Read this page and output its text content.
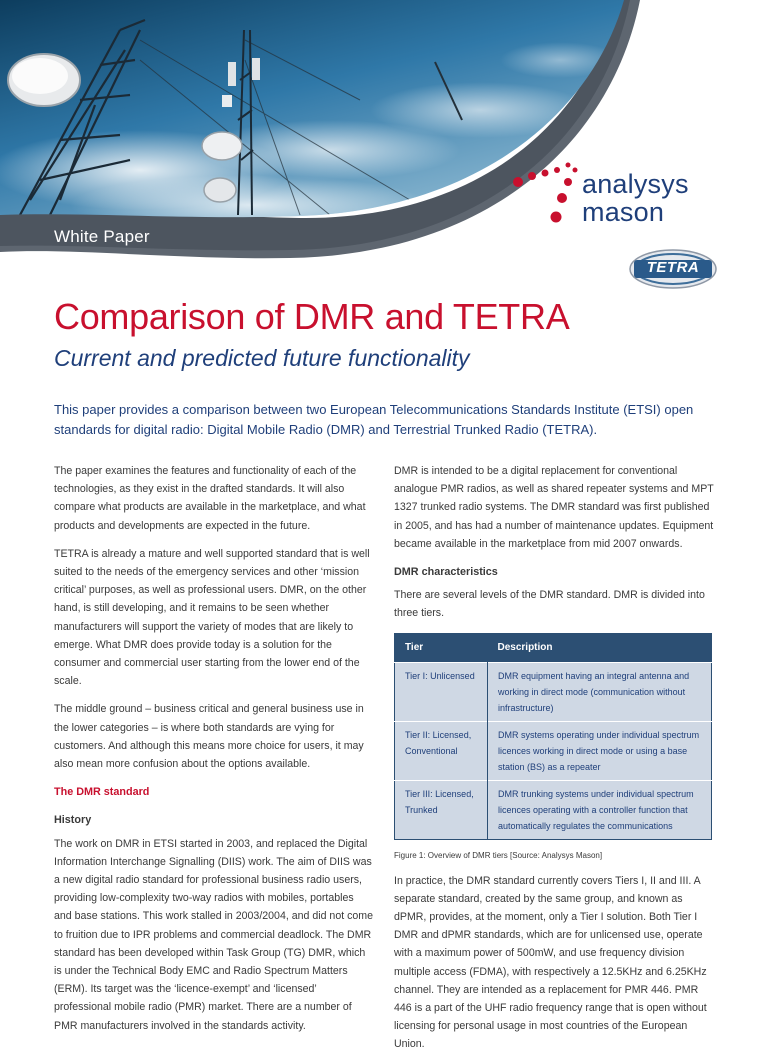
White Paper
analysys
mason
TETRA
Comparison of DMR and TETRA
Current and predicted future functionality

This paper provides a comparison between two European Telecommunications Standards Institute (ETSI) open standards for digital radio: Digital Mobile Radio (DMR) and Terrestrial Trunked Radio (TETRA).

The paper examines the features and functionality of each of the technologies, as they exist in the drafted standards. It will also compare what products are available in the marketplace, and what products and developments are expected in the future.

TETRA is already a mature and well supported standard that is well suited to the needs of the emergency services and other ‘mission critical’ purposes, as well as professional users. DMR, on the other hand, is still developing, and it remains to be seen whether manufacturers will support the variety of modes that are likely to emerge. What DMR does provide today is a solution for the consumer and commercial user starting from the lower end of the scale.

The middle ground – business critical and general business use in the lower categories – is where both standards are vying for customers. And although this means more choice for users, it may also mean more confusion about the options available.

The DMR standard
History

The work on DMR in ETSI started in 2003, and replaced the Digital Information Interchange Signalling (DIIS) work. The aim of DIIS was a new digital radio standard for professional business radio users, providing low-complexity two-way radios with mobiles, portables and base stations. This work stalled in 2003/2004, and did not come to fruition due to IPR problems and commercial deadlock. The DMR standard has been developed within Task Group (TG) DMR, which is under the Technical Body EMC and Radio Spectrum Matters (ERM). Its target was the ‘licence-exempt’ and ‘licensed’ professional mobile radio (PMR) market. There are a number of PMR manufacturers involved in the standards activity.

DMR is intended to be a digital replacement for conventional analogue PMR radios, as well as shared repeater systems and MPT 1327 trunked radio systems. The DMR standard was first published in 2005, and has had a number of maintenance updates. Equipment became available in the marketplace from mid 2007 onwards.

DMR characteristics

There are several levels of the DMR standard. DMR is divided into three tiers.

Tier	Description
Tier I: Unlicensed	DMR equipment having an integral antenna and working in direct mode (communication without infrastructure)
Tier II: Licensed, Conventional	DMR systems operating under individual spectrum licences working in direct mode or using a base station (BS) as a repeater
Tier III: Licensed, Trunked	DMR trunking systems under individual spectrum licences operating with a controller function that automatically regulates the communications

Figure 1: Overview of DMR tiers [Source: Analysys Mason]

In practice, the DMR standard currently covers Tiers I, II and III. A separate standard, created by the same group, and known as dPMR, provides, at the moment, only a Tier I solution. Both Tier I DMR and dPMR standards, which are for unlicensed use, operate with a maximum power of 500mW, and use frequency division multiple access (FDMA), with respectively a 12.5KHz and 6.25KHz channel. They are intended as a replacement for PMR 446. PMR 446 is a part of the UHF radio frequency range that is open without licensing for personal usage in most countries of the European Union.
